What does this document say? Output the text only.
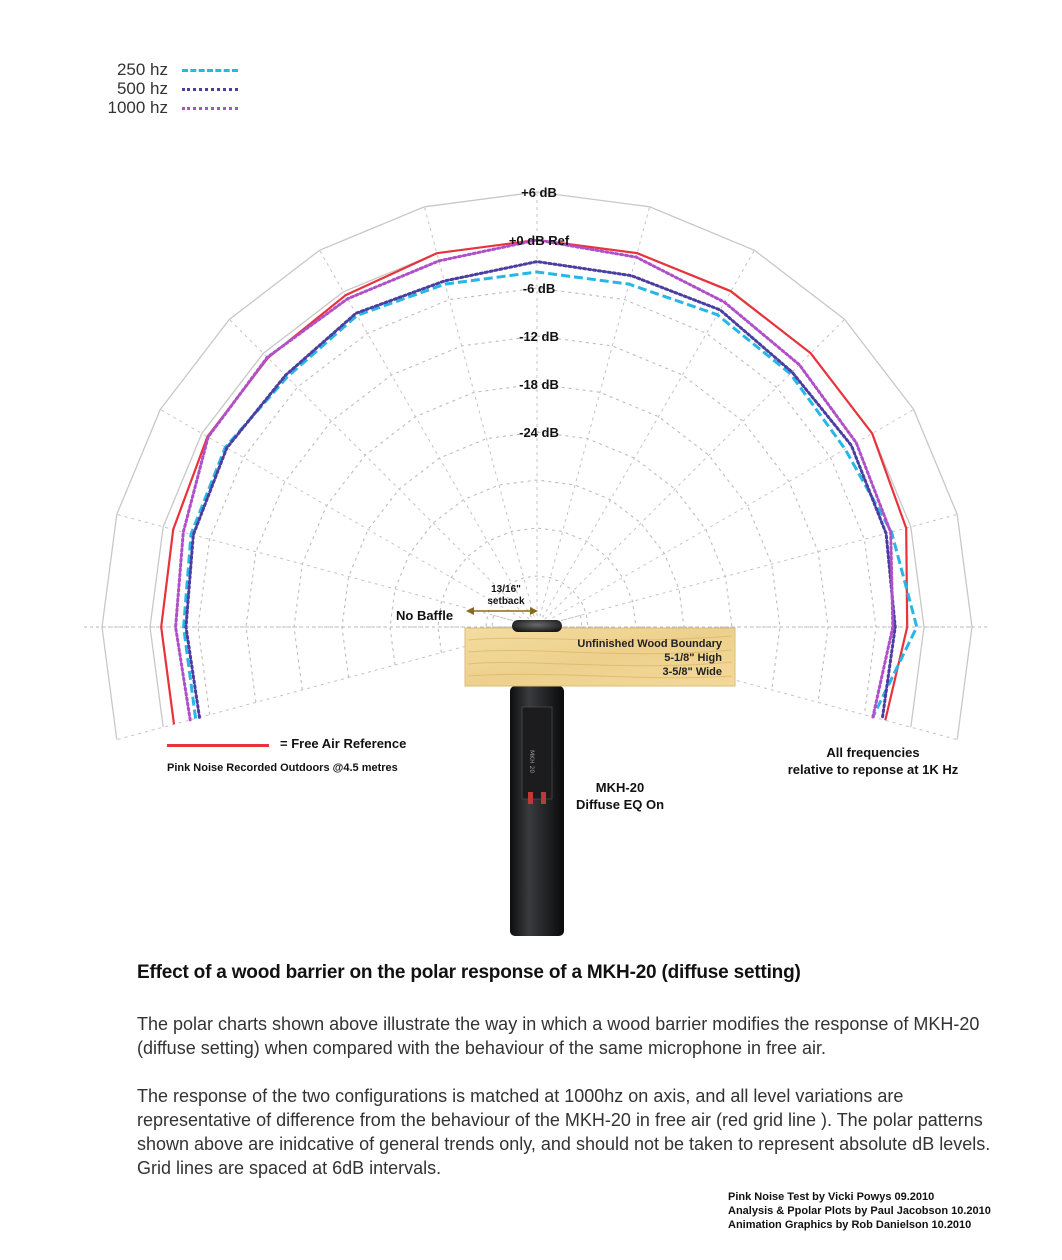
+6 dB
+0 dB Ref
-6 dB
-12 dB
-18 dB
-24 dB
MKH 20
250 hz
500 hz
1000 hz
13/16"
setback
No Baffle
Unfinished Wood Boundary
5-1/8" High
3-5/8" Wide
= Free Air Reference
Pink Noise Recorded Outdoors @4.5 metres
MKH-20
Diffuse EQ On
All frequencies
relative to reponse at 1K Hz
Effect of a wood barrier on the polar response of a MKH-20 (diffuse setting)
The polar charts shown above illustrate the way in which a wood barrier modifies the response of MKH-20 (diffuse setting) when compared with the behaviour of the same microphone in free air.
The response of the two configurations is matched at 1000hz on axis, and all level variations are representative of difference from the behaviour of the MKH-20 in free air (red grid line ). The polar patterns shown above are inidcative of general trends only, and should not be taken to represent absolute dB levels. Grid lines are spaced at 6dB intervals.
Pink Noise Test by Vicki Powys 09.2010
Analysis & Ppolar Plots by Paul Jacobson 10.2010
Animation Graphics by Rob Danielson 10.2010
